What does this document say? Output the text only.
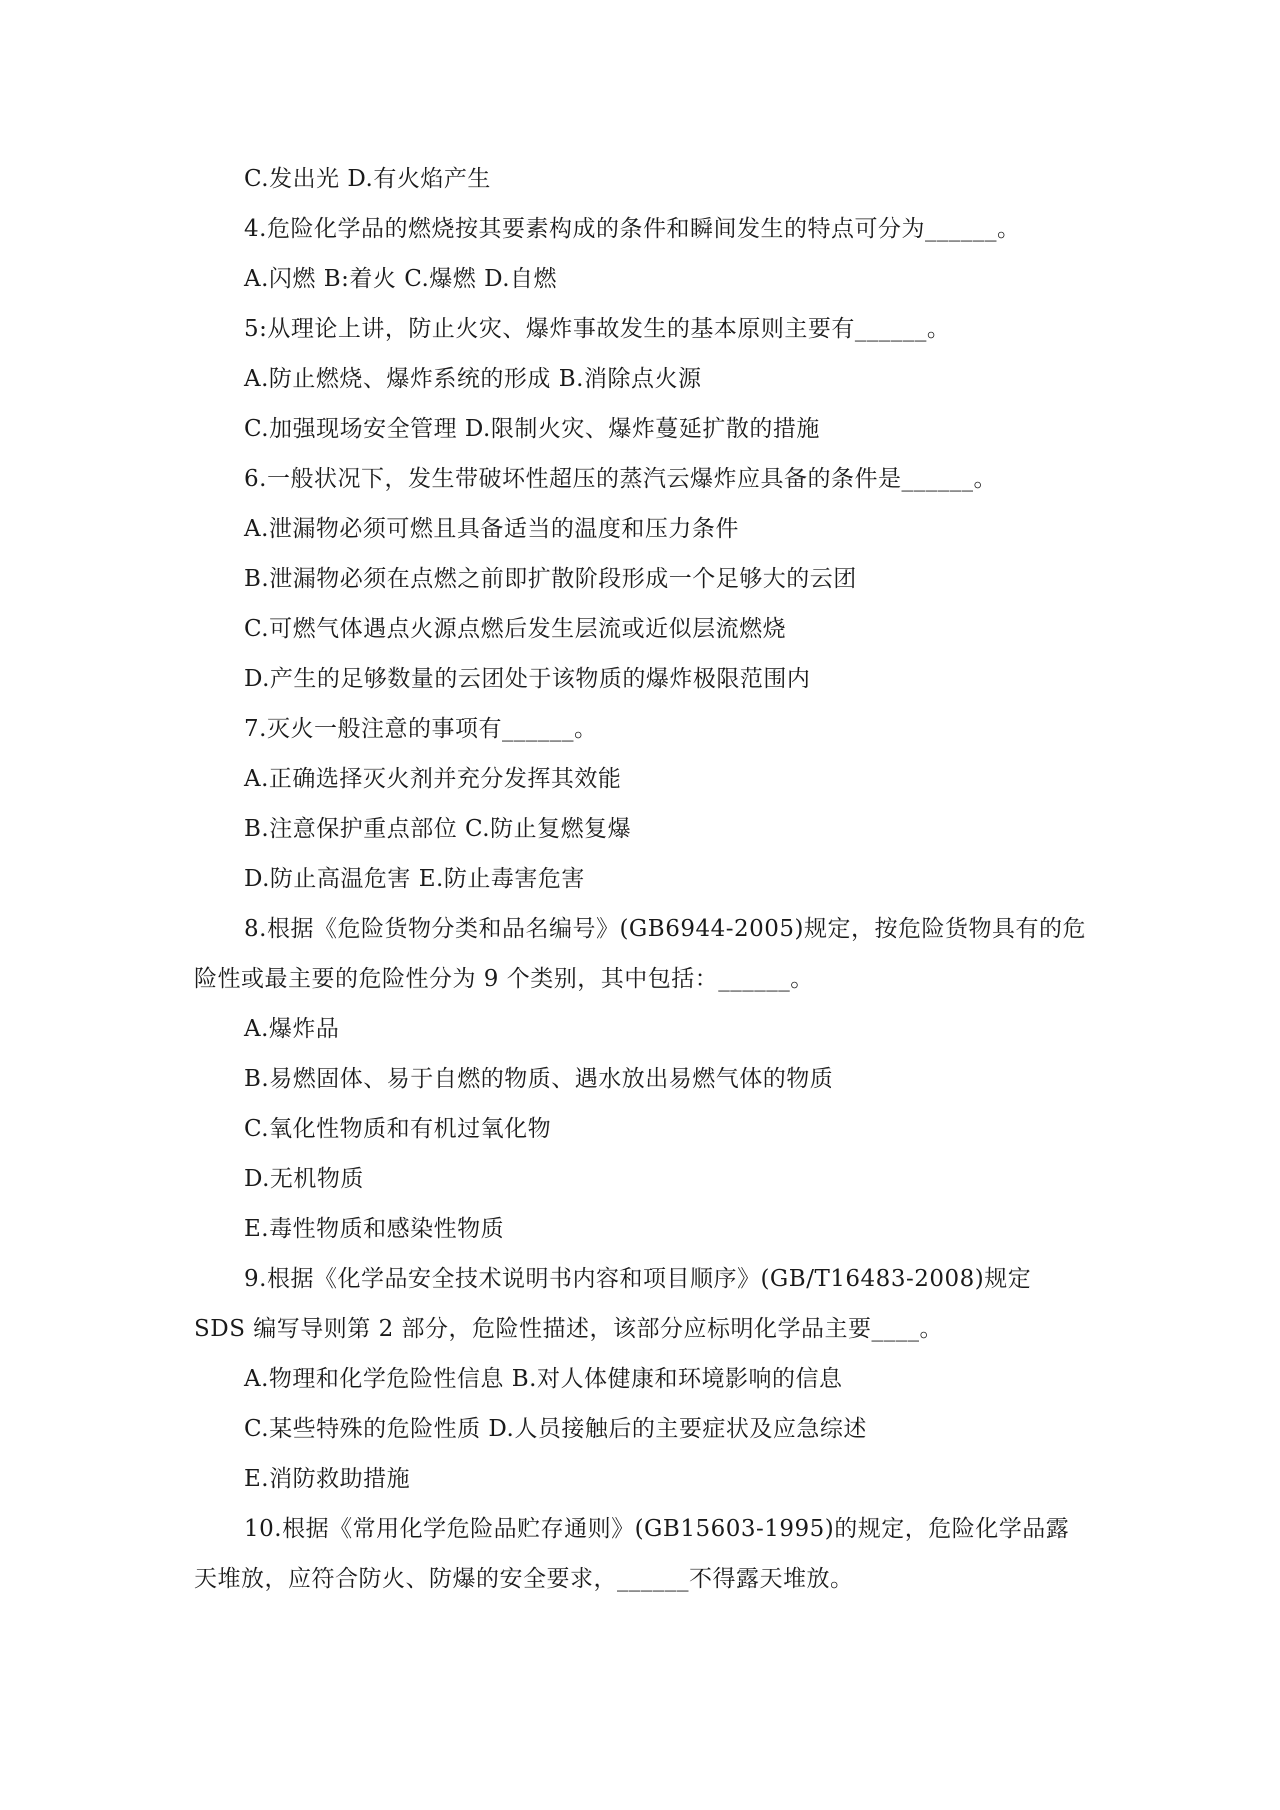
C.发出光 D.有火焰产生

4.危险化学品的燃烧按其要素构成的条件和瞬间发生的特点可分为______。

A.闪燃 B:着火 C.爆燃 D.自燃

5:从理论上讲，防止火灾、爆炸事故发生的基本原则主要有______。

A.防止燃烧、爆炸系统的形成 B.消除点火源

C.加强现场安全管理 D.限制火灾、爆炸蔓延扩散的措施

6.一般状况下，发生带破坏性超压的蒸汽云爆炸应具备的条件是______。

A.泄漏物必须可燃且具备适当的温度和压力条件

B.泄漏物必须在点燃之前即扩散阶段形成一个足够大的云团

C.可燃气体遇点火源点燃后发生层流或近似层流燃烧

D.产生的足够数量的云团处于该物质的爆炸极限范围内

7.灭火一般注意的事项有______。

A.正确选择灭火剂并充分发挥其效能

B.注意保护重点部位 C.防止复燃复爆

D.防止高温危害 E.防止毒害危害

8.根据《危险货物分类和品名编号》(GB6944-2005)规定，按危险货物具有的危险性或最主要的危险性分为 9 个类别，其中包括：______。

A.爆炸品

B.易燃固体、易于自燃的物质、遇水放出易燃气体的物质

C.氧化性物质和有机过氧化物

D.无机物质

E.毒性物质和感染性物质

9.根据《化学品安全技术说明书内容和项目顺序》(GB/T16483-2008)规定 SDS 编写导则第 2 部分，危险性描述，该部分应标明化学品主要____。

A.物理和化学危险性信息 B.对人体健康和环境影响的信息

C.某些特殊的危险性质 D.人员接触后的主要症状及应急综述

E.消防救助措施

10.根据《常用化学危险品贮存通则》(GB15603-1995)的规定，危险化学品露天堆放，应符合防火、防爆的安全要求，______不得露天堆放。
